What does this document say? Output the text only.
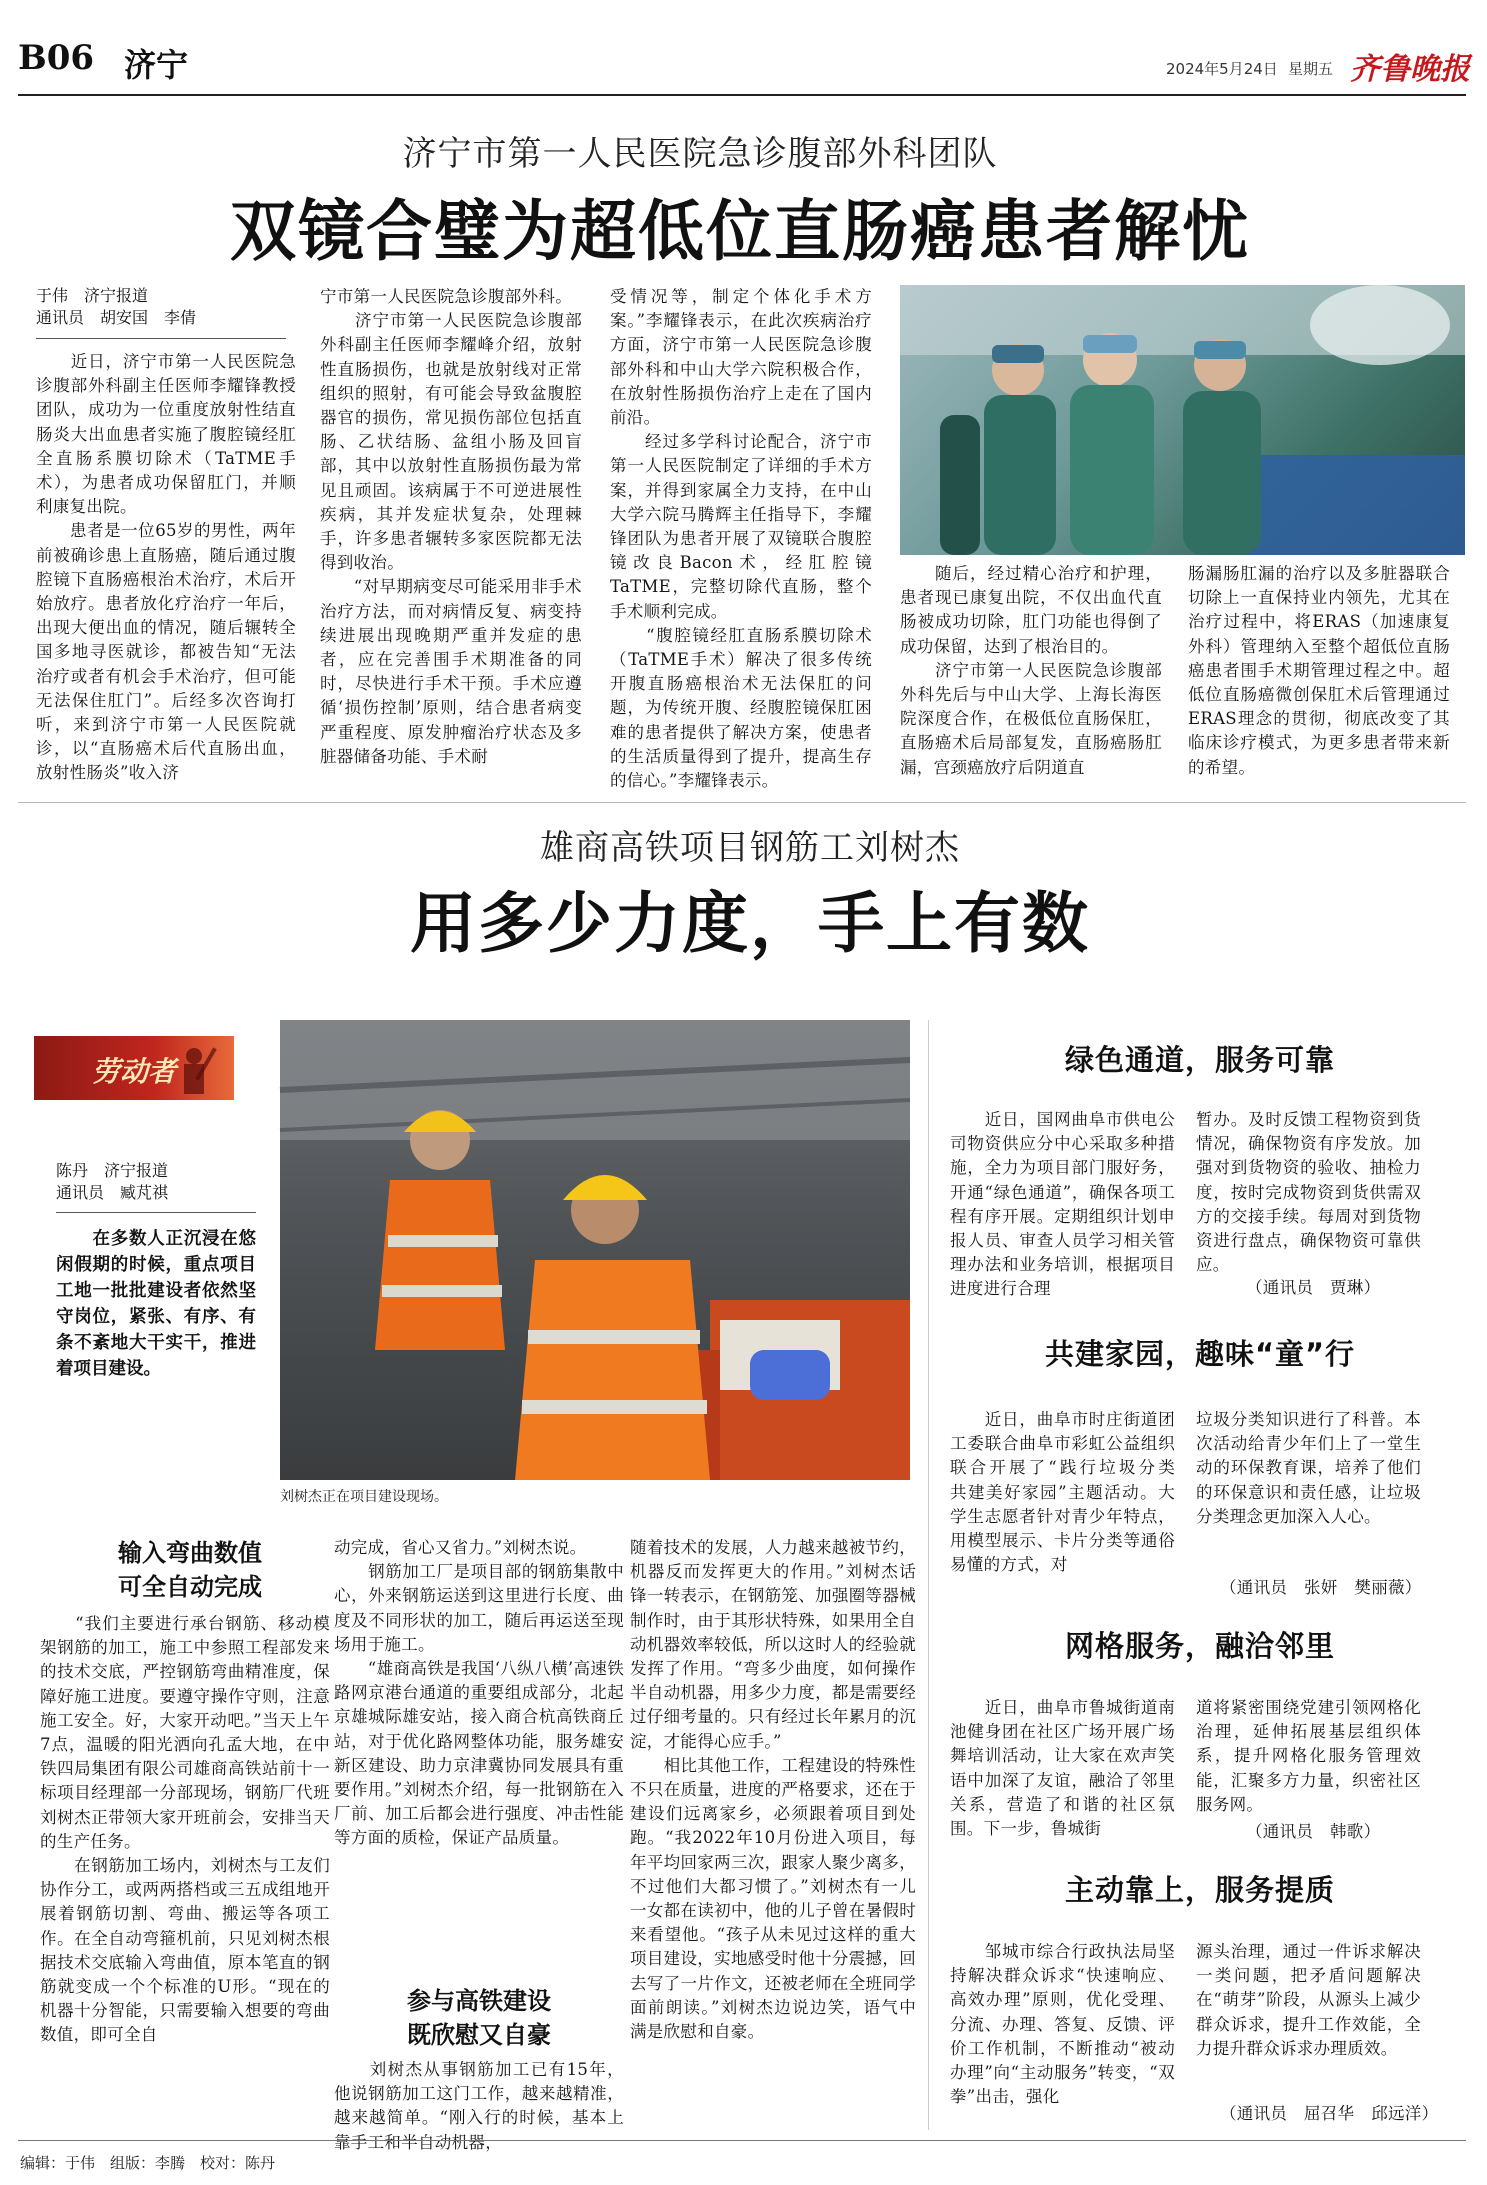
B06 济宁	2024年5月24日 星期五 齐鲁晚报
济宁市第一人民医院急诊腹部外科团队
双镜合璧为超低位直肠癌患者解忧
于伟　济宁报道
通讯员　胡安国　李倩
　　近日，济宁市第一人民医院急诊腹部外科副主任医师李耀锋教授团队，成功为一位重度放射性结直肠炎大出血患者实施了腹腔镜经肛全直肠系膜切除术（TaTME手术），为患者成功保留肛门，并顺利康复出院。
　　患者是一位65岁的男性，两年前被确诊患上直肠癌，随后通过腹腔镜下直肠癌根治术治疗，术后开始放疗。患者放化疗治疗一年后，出现大便出血的情况，随后辗转全国多地寻医就诊，都被告知“无法治疗或者有机会手术治疗，但可能无法保住肛门”。后经多次咨询打听，来到济宁市第一人民医院就诊，以“直肠癌术后代直肠出血，放射性肠炎”收入济
宁市第一人民医院急诊腹部外科。
　　济宁市第一人民医院急诊腹部外科副主任医师李耀峰介绍，放射性直肠损伤，也就是放射线对正常组织的照射，有可能会导致盆腹腔器官的损伤，常见损伤部位包括直肠、乙状结肠、盆组小肠及回盲部，其中以放射性直肠损伤最为常见且顽固。该病属于不可逆进展性疾病，其并发症状复杂，处理棘手，许多患者辗转多家医院都无法得到收治。
　　“对早期病变尽可能采用非手术治疗方法，而对病情反复、病变持续进展出现晚期严重并发症的患者，应在完善围手术期准备的同时，尽快进行手术干预。手术应遵循‘损伤控制’原则，结合患者病变严重程度、原发肿瘤治疗状态及多脏器储备功能、手术耐
受情况等，制定个体化手术方案。”李耀锋表示，在此次疾病治疗方面，济宁市第一人民医院急诊腹部外科和中山大学六院积极合作，在放射性肠损伤治疗上走在了国内前沿。
　　经过多学科讨论配合，济宁市第一人民医院制定了详细的手术方案，并得到家属全力支持，在中山大学六院马腾辉主任指导下，李耀锋团队为患者开展了双镜联合腹腔镜改良Bacon术，经肛腔镜TaTME，完整切除代直肠，整个手术顺利完成。
　　“腹腔镜经肛直肠系膜切除术（TaTME手术）解决了很多传统开腹直肠癌根治术无法保肛的问题，为传统开腹、经腹腔镜保肛困难的患者提供了解决方案，使患者的生活质量得到了提升，提高生存的信心。”李耀锋表示。
　　随后，经过精心治疗和护理，患者现已康复出院，不仅出血代直肠被成功切除，肛门功能也得倒了成功保留，达到了根治目的。
　　济宁市第一人民医院急诊腹部外科先后与中山大学、上海长海医院深度合作，在极低位直肠保肛，直肠癌术后局部复发，直肠癌肠肛漏，宫颈癌放疗后阴道直
肠漏肠肛漏的治疗以及多脏器联合切除上一直保持业内领先，尤其在治疗过程中，将ERAS（加速康复外科）管理纳入至整个超低位直肠癌患者围手术期管理过程之中。超低位直肠癌微创保肛术后管理通过ERAS理念的贯彻，彻底改变了其临床诊疗模式，为更多患者带来新的希望。
雄商高铁项目钢筋工刘树杰
用多少力度，手上有数
劳动者
陈丹　济宁报道
通讯员　臧芃祺
　　在多数人正沉浸在悠闲假期的时候，重点项目工地一批批建设者依然坚守岗位，紧张、有序、有条不紊地大干实干，推进着项目建设。
刘树杰正在项目建设现场。
输入弯曲数值
可全自动完成
　　“我们主要进行承台钢筋、移动模架钢筋的加工，施工中参照工程部发来的技术交底，严控钢筋弯曲精准度，保障好施工进度。要遵守操作守则，注意施工安全。好，大家开动吧。”当天上午7点，温暖的阳光洒向孔孟大地，在中铁四局集团有限公司雄商高铁站前十一标项目经理部一分部现场，钢筋厂代班刘树杰正带领大家开班前会，安排当天的生产任务。
　　在钢筋加工场内，刘树杰与工友们协作分工，或两两搭档或三五成组地开展着钢筋切割、弯曲、搬运等各项工作。在全自动弯箍机前，只见刘树杰根据技术交底输入弯曲值，原本笔直的钢筋就变成一个个标准的U形。“现在的机器十分智能，只需要输入想要的弯曲数值，即可全自
动完成，省心又省力。”刘树杰说。
　　钢筋加工厂是项目部的钢筋集散中心，外来钢筋运送到这里进行长度、曲度及不同形状的加工，随后再运送至现场用于施工。
　　“雄商高铁是我国‘八纵八横’高速铁路网京港台通道的重要组成部分，北起京雄城际雄安站，接入商合杭高铁商丘站，对于优化路网整体功能，服务雄安新区建设、助力京津冀协同发展具有重要作用。”刘树杰介绍，每一批钢筋在入厂前、加工后都会进行强度、冲击性能等方面的质检，保证产品质量。
参与高铁建设
既欣慰又自豪
　　刘树杰从事钢筋加工已有15年，他说钢筋加工这门工作，越来越精准，越来越简单。“刚入行的时候，基本上靠手工和半自动机器，
随着技术的发展，人力越来越被节约，机器反而发挥更大的作用。”刘树杰话锋一转表示，在钢筋笼、加强圈等器械制作时，由于其形状特殊，如果用全自动机器效率较低，所以这时人的经验就发挥了作用。“弯多少曲度，如何操作半自动机器，用多少力度，都是需要经过仔细考量的。只有经过长年累月的沉淀，才能得心应手。”
　　相比其他工作，工程建设的特殊性不只在质量，进度的严格要求，还在于建设们远离家乡，必须跟着项目到处跑。“我2022年10月份进入项目，每年平均回家两三次，跟家人聚少离多，不过他们大都习惯了。”刘树杰有一儿一女都在读初中，他的儿子曾在暑假时来看望他。“孩子从未见过这样的重大项目建设，实地感受时他十分震撼，回去写了一片作文，还被老师在全班同学面前朗读。”刘树杰边说边笑，语气中满是欣慰和自豪。
绿色通道，服务可靠
　　近日，国网曲阜市供电公司物资供应分中心采取多种措施，全力为项目部门服好务，开通“绿色通道”，确保各项工程有序开展。定期组织计划申报人员、审查人员学习相关管理办法和业务培训，根据项目进度进行合理
暂办。及时反馈工程物资到货情况，确保物资有序发放。加强对到货物资的验收、抽检力度，按时完成物资到货供需双方的交接手续。每周对到货物资进行盘点，确保物资可靠供应。
（通讯员　贾琳）
共建家园，趣味“童”行
　　近日，曲阜市时庄街道团工委联合曲阜市彩虹公益组织联合开展了“践行垃圾分类　共建美好家园”主题活动。大学生志愿者针对青少年特点，用模型展示、卡片分类等通俗易懂的方式，对
垃圾分类知识进行了科普。本次活动给青少年们上了一堂生动的环保教育课，培养了他们的环保意识和责任感，让垃圾分类理念更加深入人心。
（通讯员　张妍　樊丽薇）
网格服务，融洽邻里
　　近日，曲阜市鲁城街道南池健身团在社区广场开展广场舞培训活动，让大家在欢声笑语中加深了友谊，融洽了邻里关系，营造了和谐的社区氛围。下一步，鲁城街
道将紧密围绕党建引领网格化治理，延伸拓展基层组织体系，提升网格化服务管理效能，汇聚多方力量，织密社区服务网。
（通讯员　韩歌）
主动靠上，服务提质
　　邹城市综合行政执法局坚持解决群众诉求“快速响应、高效办理”原则，优化受理、分流、办理、答复、反馈、评价工作机制，不断推动“被动办理”向“主动服务”转变，“双拳”出击，强化
源头治理，通过一件诉求解决一类问题，把矛盾问题解决在“萌芽”阶段，从源头上减少群众诉求，提升工作效能，全力提升群众诉求办理质效。
（通讯员　屈召华　邱远洋）
编辑：于伟 组版：李腾 校对：陈丹
